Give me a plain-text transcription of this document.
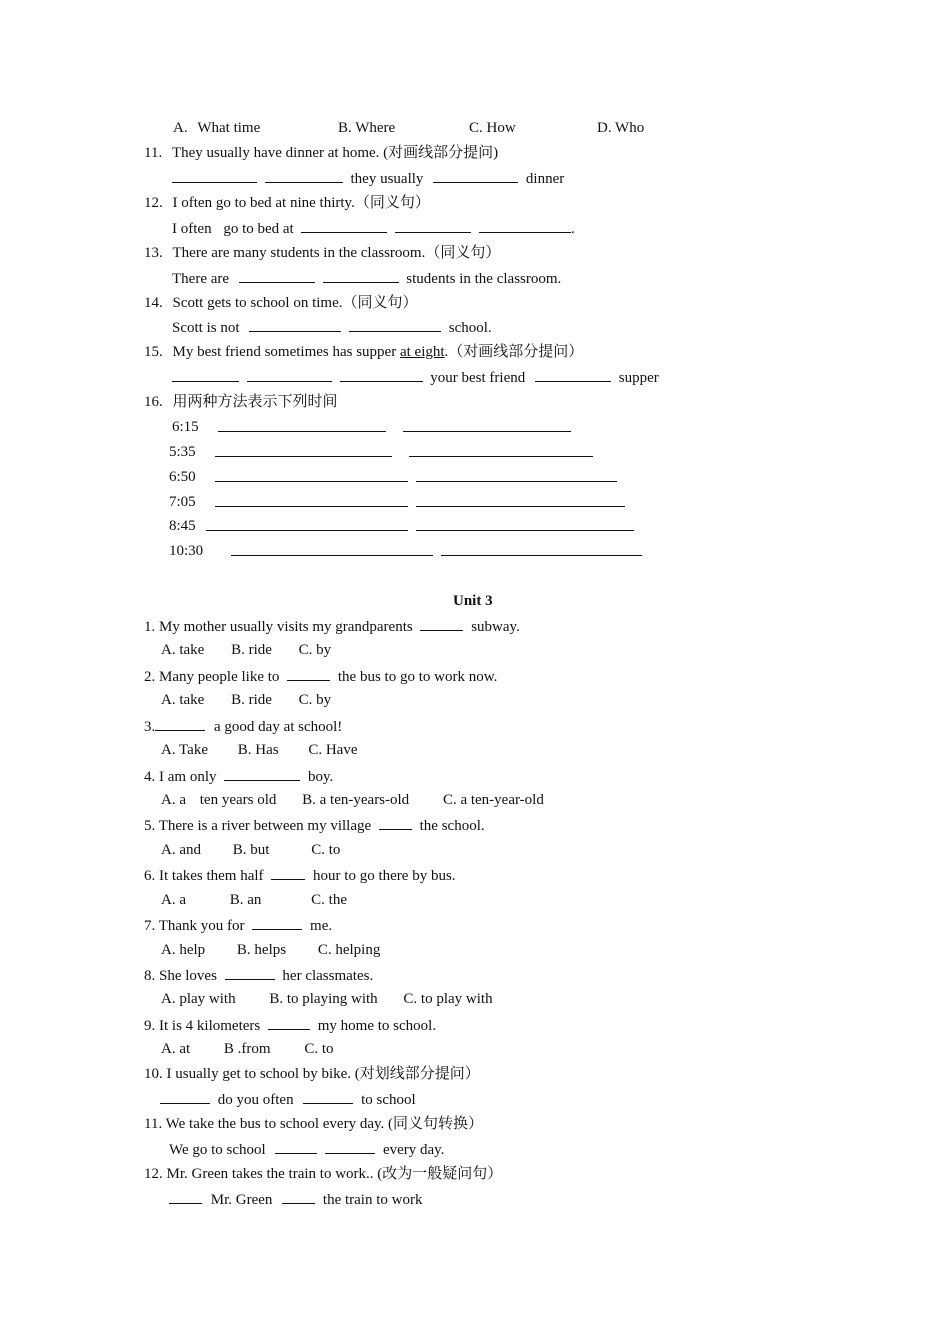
A. What time	B. Where	C. How	D. Who
11. They usually have dinner at home. (对画线部分提问)
they usually	dinner
12. I often go to bed at nine thirty.（同义句）
I often go to bed at	.
13. There are many students in the classroom.（同义句）
There are	students in the classroom.
14. Scott gets to school on time.（同义句）
Scott is not	school.
15. My best friend sometimes has supper at eight.（对画线部分提问）
your best friend	supper
16. 用两种方法表示下列时间
6:15

5:35

6:50

7:05

8:45

10:30

Unit 3
1. My mother usually visits my grandparents	subway.
A. take B. ride C. by
2. Many people like to	the bus to go to work now.
A. take B. ride C. by
3.	a good day at school!
A. Take B. Has C. Have
4. I am only	boy.
A. a ten years old B. a ten-years-old C. a ten-year-old
5. There is a river between my village	the school.
A. and B. but	C. to
6. It takes them half	hour to go there by bus.
A. a	B. an	C. the
7. Thank you for	me.
A. help B. helps C. helping
8. She loves	her classmates.
A. play with B. to playing with C. to play with
9. It is 4 kilometers	my home to school.
A. at B .from C. to
10. I usually get to school by bike. (对划线部分提问）
do you often	to school
11. We take the bus to school every day. (同义句转换）
We go to school	every day.
12. Mr. Green takes the train to work.. (改为一般疑问句）
Mr. Green	the train to work
